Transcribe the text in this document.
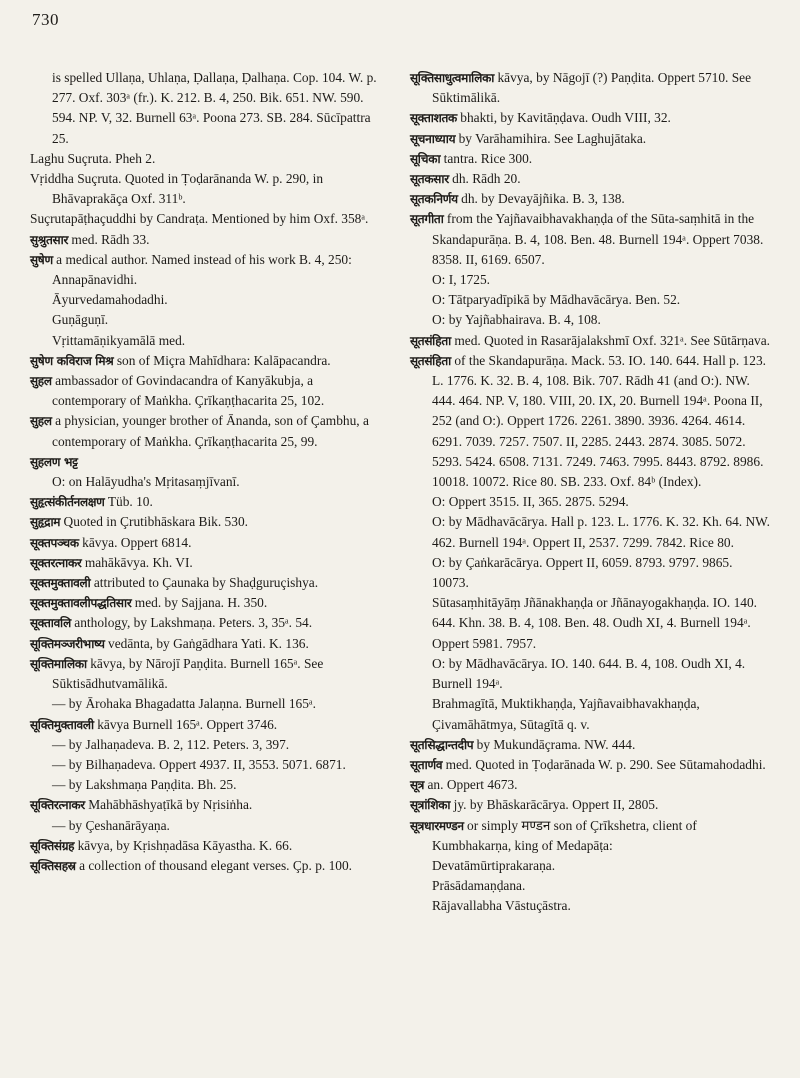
730

is spelled Ullaṇa, Uhlaṇa, Ḍallaṇa, Ḍalhaṇa. Cop. 104. W. p. 277. Oxf. 303ᵃ (fr.). K. 212. B. 4, 250. Bik. 651. NW. 590. 594. NP. V, 32. Burnell 63ᵃ. Poona 273. SB. 284. Sūcīpattra 25.

Laghu Suçruta. Pheh 2.

Vṛiddha Suçruta. Quoted in Ṭoḍarānanda W. p. 290, in Bhāvaprakāça Oxf. 311ᵇ.

Suçrutapāṭhaçuddhi by Candraṭa. Mentioned by him Oxf. 358ᵃ.

सुश्रुतसार med. Rādh 33.

सुषेण a medical author. Named instead of his work B. 4, 250:

Annapānavidhi.

Āyurvedamahodadhi.

Guṇāguṇī.

Vṛittamāṇikyamālā med.

सुषेण कविराज मिश्र son of Miçra Mahīdhara: Kalāpacandra.

सुहल ambassador of Govindacandra of Kanyākubja, a contemporary of Maṅkha. Çrīkaṇṭhacarita 25, 102.

सुहल a physician, younger brother of Ānanda, son of Çambhu, a contemporary of Maṅkha. Çrīkaṇṭhacarita 25, 99.

सुहलण भट्ट

O: on Halāyudha's Mṛitasaṃjīvanī.

सुहृत्संकीर्तनलक्षण Tüb. 10.

सुहृद्राम Quoted in Çrutibhāskara Bik. 530.

सूक्तपञ्चक kāvya. Oppert 6814.

सूक्तरत्नाकर mahākāvya. Kh. VI.

सूक्तमुक्तावली attributed to Çaunaka by Shaḍguruçishya.

सूक्तमुक्तावलीपद्धतिसार med. by Sajjana. H. 350.

सूक्तावलि anthology, by Lakshmaṇa. Peters. 3, 35ᵃ. 54.

सूक्तिमञ्जरीभाष्य vedānta, by Gaṅgādhara Yati. K. 136.

सूक्तिमालिका kāvya, by Nārojī Paṇḍita. Burnell 165ᵃ. See Sūktisādhutvamālikā.

— by Ārohaka Bhagadatta Jalaṇna. Burnell 165ᵃ.

सूक्तिमुक्तावली kāvya Burnell 165ᵃ. Oppert 3746.

— by Jalhaṇadeva. B. 2, 112. Peters. 3, 397.

— by Bilhaṇadeva. Oppert 4937. II, 3553. 5071. 6871.

— by Lakshmaṇa Paṇḍita. Bh. 25.

सूक्तिरत्नाकर Mahābhāshyaṭīkā by Nṛisiṅha.

— by Çeshanārāyaṇa.

सूक्तिसंग्रह kāvya, by Kṛishṇadāsa Kāyastha. K. 66.

सूक्तिसहस्र a collection of thousand elegant verses. Çp. p. 100.

सूक्तिसाधुत्वमालिका kāvya, by Nāgojī (?) Paṇḍita. Oppert 5710. See Sūktimālikā.

सूक्ताशतक bhakti, by Kavitāṇḍava. Oudh VIII, 32.

सूचनाध्याय by Varāhamihira. See Laghujātaka.

सूचिका tantra. Rice 300.

सूतकसार dh. Rādh 20.

सूतकनिर्णय dh. by Devayājñika. B. 3, 138.

सूतगीता from the Yajñavaibhavakhaṇḍa of the Sūta-saṃhitā in the Skandapurāṇa. B. 4, 108. Ben. 48. Burnell 194ᵃ. Oppert 7038. 8358. II, 6169. 6507.

O: I, 1725.

O: Tātparyadīpikā by Mādhavācārya. Ben. 52.

O: by Yajñabhairava. B. 4, 108.

सूतसंहिता med. Quoted in Rasarājalakshmī Oxf. 321ᵃ. See Sūtārṇava.

सूतसंहिता of the Skandapurāṇa. Mack. 53. IO. 140. 644. Hall p. 123. L. 1776. K. 32. B. 4, 108. Bik. 707. Rādh 41 (and O:). NW. 444. 464. NP. V, 180. VIII, 20. IX, 20. Burnell 194ᵃ. Poona II, 252 (and O:). Oppert 1726. 2261. 3890. 3936. 4264. 4614. 6291. 7039. 7257. 7507. II, 2285. 2443. 2874. 3085. 5072. 5293. 5424. 6508. 7131. 7249. 7463. 7995. 8443. 8792. 8986. 10018. 10072. Rice 80. SB. 233. Oxf. 84ᵇ (Index).

O: Oppert 3515. II, 365. 2875. 5294.

O: by Mādhavācārya. Hall p. 123. L. 1776. K. 32. Kh. 64. NW. 462. Burnell 194ᵃ. Oppert II, 2537. 7299. 7842. Rice 80.

O: by Çaṅkarācārya. Oppert II, 6059. 8793. 9797. 9865. 10073.

Sūtasaṃhitāyāṃ Jñānakhaṇḍa or Jñānayogakhaṇḍa. IO. 140. 644. Khn. 38. B. 4, 108. Ben. 48. Oudh XI, 4. Burnell 194ᵃ. Oppert 5981. 7957.

O: by Mādhavācārya. IO. 140. 644. B. 4, 108. Oudh XI, 4. Burnell 194ᵃ.

Brahmagītā, Muktikhaṇḍa, Yajñavaibhavakhaṇḍa, Çivamāhātmya, Sūtagītā q. v.

सूतसिद्धान्तदीप by Mukundāçrama. NW. 444.

सूतार्णव med. Quoted in Ṭoḍarānada W. p. 290. See Sūtamahodadhi.

सूत्र an. Oppert 4673.

सूत्रांशिका jy. by Bhāskarācārya. Oppert II, 2805.

सूत्रधारमण्डन or simply मण्डन son of Çrīkshetra, client of Kumbhakarṇa, king of Medapāṭa:

Devatāmūrtiprakaraṇa.

Prāsādamaṇḍana.

Rājavallabha Vāstuçāstra.
